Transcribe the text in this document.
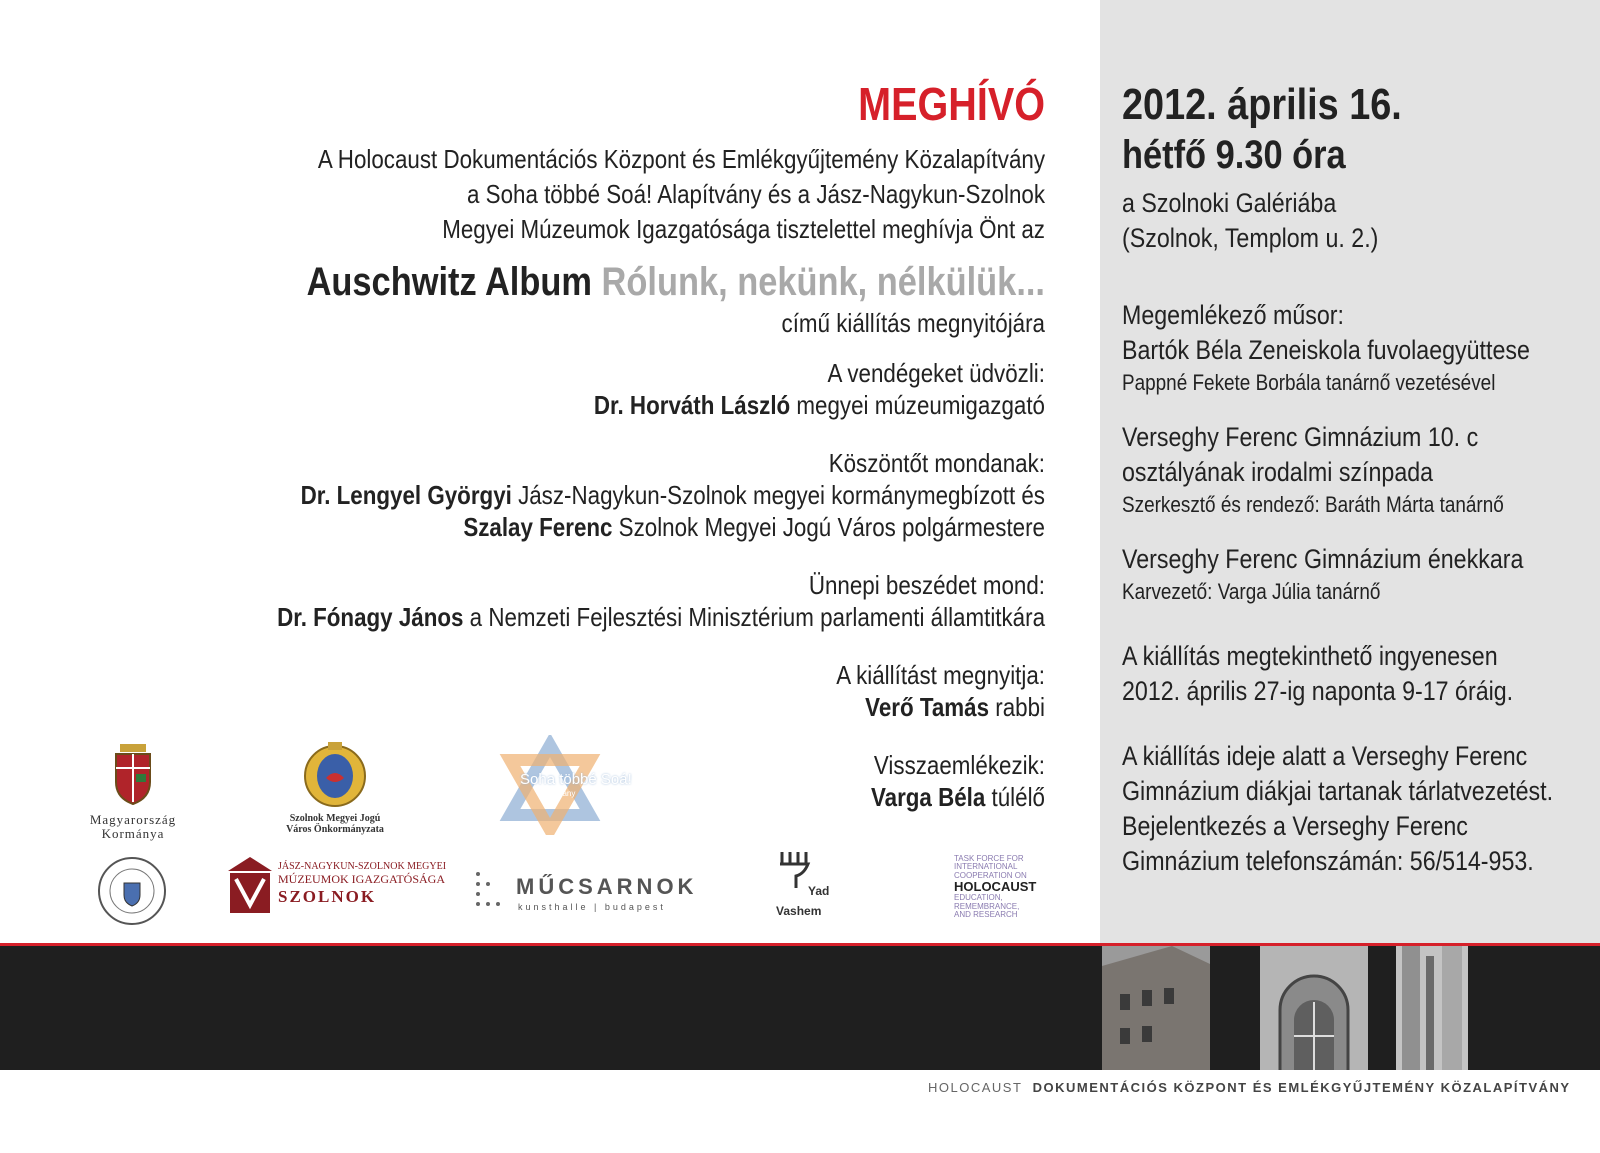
MEGHÍVÓ
A Holocaust Dokumentációs Központ és Emlékgyűjtemény Közalapítvány
a Soha többé Soá! Alapítvány és a Jász-Nagykun-Szolnok
Megyei Múzeumok Igazgatósága tisztelettel meghívja Önt az
Auschwitz Album Rólunk, nekünk, nélkülük...
című kiállítás megnyitójára
A vendégeket üdvözli:
Dr. Horváth László megyei múzeumigazgató
Köszöntőt mondanak:
Dr. Lengyel Györgyi Jász-Nagykun-Szolnok megyei kormánymegbízott és
Szalay Ferenc Szolnok Megyei Jogú Város polgármestere
Ünnepi beszédet mond:
Dr. Fónagy János a Nemzeti Fejlesztési Minisztérium parlamenti államtitkára
A kiállítást megnyitja:
Verő Tamás rabbi
Visszaemlékezik:
Varga Béla túlélő
2012. április 16.
hétfő 9.30 óra
a Szolnoki Galériába
(Szolnok, Templom u. 2.)
Megemlékező műsor:
Bartók Béla Zeneiskola fuvolaegyüttese
Pappné Fekete Borbála tanárnő vezetésével
Verseghy Ferenc Gimnázium 10. c
osztályának irodalmi színpada
Szerkesztő és rendező: Baráth Márta tanárnő
Verseghy Ferenc Gimnázium énekkara
Karvezető: Varga Júlia tanárnő
A kiállítás megtekinthető ingyenesen
2012. április 27-ig naponta 9-17 óráig.
A kiállítás ideje alatt a Verseghy Ferenc
Gimnázium diákjai tartanak tárlatvezetést.
Bejelentkezés a Verseghy Ferenc
Gimnázium telefonszámán: 56/514-953.
Magyarország
Kormánya
Szolnok Megyei Jogú
Város Önkormányzata
Soha többé Soá!
Alapítvány
JÁSZ-NAGYKUN-SZOLNOK MEGYEI
MÚZEUMOK IGAZGATÓSÁGA
SZOLNOK	MŰCSARNOK
kunsthalle | budapest
Yad
Vashem
TASK FORCE FOR
INTERNATIONAL
COOPERATION ON
HOLOCAUST
EDUCATION,
REMEMBRANCE,
AND RESEARCH
HOLOCAUST DOKUMENTÁCIÓS KÖZPONT ÉS EMLÉKGYŰJTEMÉNY KÖZALAPÍTVÁNY
